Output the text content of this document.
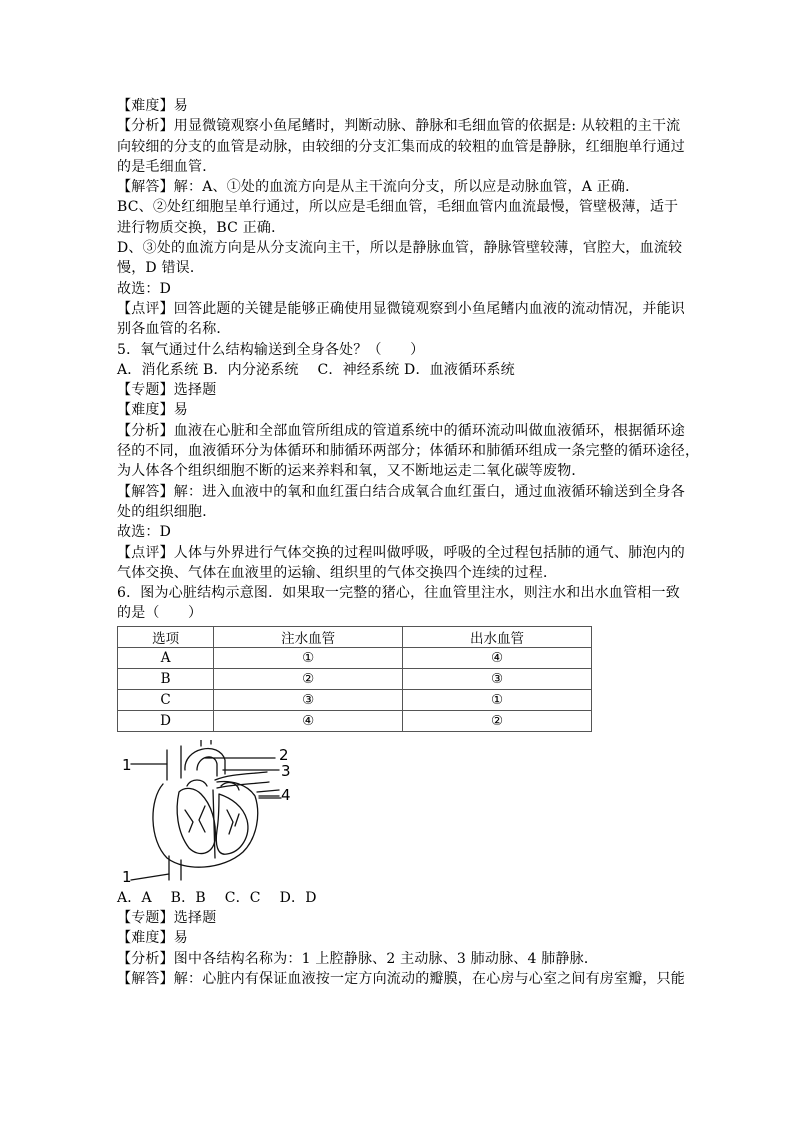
【难度】易
【分析】用显微镜观察小鱼尾鳍时，判断动脉、静脉和毛细血管的依据是: 从较粗的主干流
向较细的分支的血管是动脉，由较细的分支汇集而成的较粗的血管是静脉，红细胞单行通过
的是毛细血管．
【解答】解：A、①处的血流方向是从主干流向分支，所以应是动脉血管，A 正确．
BC、②处红细胞呈单行通过，所以应是毛细血管，毛细血管内血流最慢，管壁极薄，适于
进行物质交换，BC 正确．
D、③处的血流方向是从分支流向主干，所以是静脉血管，静脉管壁较薄，官腔大，血流较
慢，D 错误．
故选：D
【点评】回答此题的关键是能够正确使用显微镜观察到小鱼尾鳍内血液的流动情况，并能识
别各血管的名称．
5．氧气通过什么结构输送到全身各处？（　　）
A．消化系统 B．内分泌系统　 C．神经系统 D．血液循环系统
【专题】选择题
【难度】易
【分析】血液在心脏和全部血管所组成的管道系统中的循环流动叫做血液循环，根据循环途
径的不同，血液循环分为体循环和肺循环两部分；体循环和肺循环组成一条完整的循环途径，
为人体各个组织细胞不断的运来养料和氧，又不断地运走二氧化碳等废物．
【解答】解：进入血液中的氧和血红蛋白结合成氧合血红蛋白，通过血液循环输送到全身各
处的组织细胞．
故选：D
【点评】人体与外界进行气体交换的过程叫做呼吸，呼吸的全过程包括肺的通气、肺泡内的
气体交换、气体在血液里的运输、组织里的气体交换四个连续的过程．
6．图为心脏结构示意图．如果取一完整的猪心，往血管里注水，则注水和出水血管相一致
的是（　　）
选项	注水血管	出水血管
A	①	④
B	②	③
C	③	①
D	④	②
1
2
3
4
1
A．A　 B．B　 C．C　 D．D
【专题】选择题
【难度】易
【分析】图中各结构名称为：1 上腔静脉、2 主动脉、3 肺动脉、4 肺静脉．
【解答】解：心脏内有保证血液按一定方向流动的瓣膜，在心房与心室之间有房室瓣，只能
